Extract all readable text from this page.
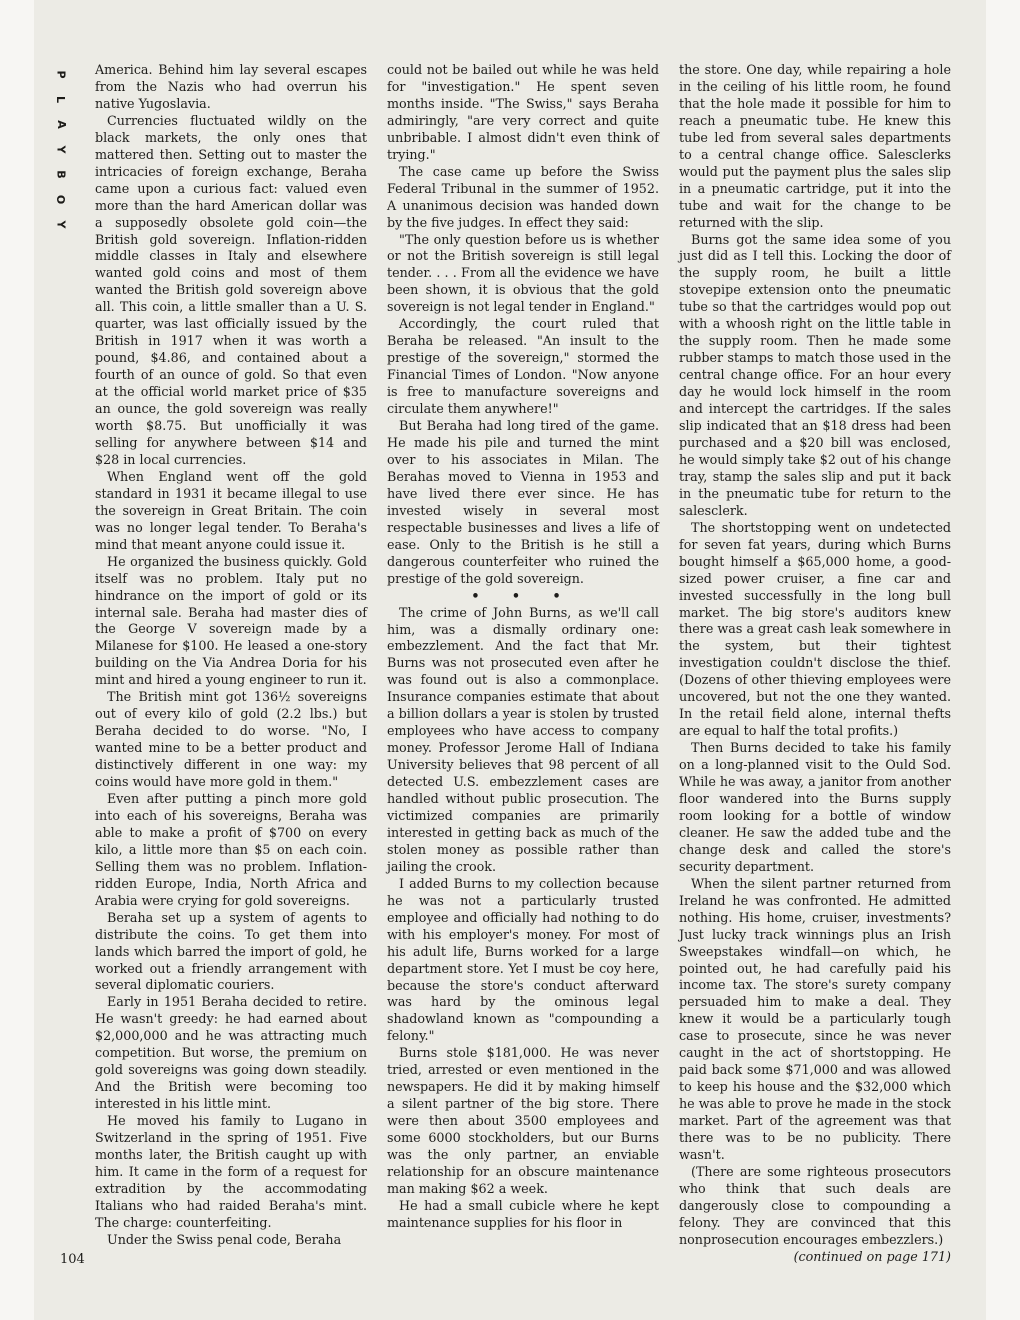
P
L
A
Y
B
O
Y

America. Behind him lay several escapes from the Nazis who had overrun his native Yugoslavia.

Currencies fluctuated wildly on the black markets, the only ones that mattered then. Setting out to master the intricacies of foreign exchange, Beraha came upon a curious fact: valued even more than the hard American dollar was a supposedly obsolete gold coin—the British gold sovereign. Inflation-ridden middle classes in Italy and elsewhere wanted gold coins and most of them wanted the British gold sovereign above all. This coin, a little smaller than a U. S. quarter, was last officially issued by the British in 1917 when it was worth a pound, $4.86, and contained about a fourth of an ounce of gold. So that even at the official world market price of $35 an ounce, the gold sovereign was really worth $8.75. But unofficially it was selling for anywhere between $14 and $28 in local currencies.

When England went off the gold standard in 1931 it became illegal to use the sovereign in Great Britain. The coin was no longer legal tender. To Beraha's mind that meant anyone could issue it.

He organized the business quickly. Gold itself was no problem. Italy put no hindrance on the import of gold or its internal sale. Beraha had master dies of the George V sovereign made by a Milanese for $100. He leased a one-story building on the Via Andrea Doria for his mint and hired a young engineer to run it.

The British mint got 136½ sovereigns out of every kilo of gold (2.2 lbs.) but Beraha decided to do worse. "No, I wanted mine to be a better product and distinctively different in one way: my coins would have more gold in them."

Even after putting a pinch more gold into each of his sovereigns, Beraha was able to make a profit of $700 on every kilo, a little more than $5 on each coin. Selling them was no problem. Inflation-ridden Europe, India, North Africa and Arabia were crying for gold sovereigns.

Beraha set up a system of agents to distribute the coins. To get them into lands which barred the import of gold, he worked out a friendly arrangement with several diplomatic couriers.

Early in 1951 Beraha decided to retire. He wasn't greedy: he had earned about $2,000,000 and he was attracting much competition. But worse, the premium on gold sovereigns was going down steadily. And the British were becoming too interested in his little mint.

He moved his family to Lugano in Switzerland in the spring of 1951. Five months later, the British caught up with him. It came in the form of a request for extradition by the accommodating Italians who had raided Beraha's mint. The charge: counterfeiting.

Under the Swiss penal code, Beraha

could not be bailed out while he was held for "investigation." He spent seven months inside. "The Swiss," says Beraha admiringly, "are very correct and quite unbribable. I almost didn't even think of trying."

The case came up before the Swiss Federal Tribunal in the summer of 1952. A unanimous decision was handed down by the five judges. In effect they said:

"The only question before us is whether or not the British sovereign is still legal tender. . . . From all the evidence we have been shown, it is obvious that the gold sovereign is not legal tender in England."

Accordingly, the court ruled that Beraha be released. "An insult to the prestige of the sovereign," stormed the Financial Times of London. "Now anyone is free to manufacture sovereigns and circulate them anywhere!"

But Beraha had long tired of the game. He made his pile and turned the mint over to his associates in Milan. The Berahas moved to Vienna in 1953 and have lived there ever since. He has invested wisely in several most respectable businesses and lives a life of ease. Only to the British is he still a dangerous counterfeiter who ruined the prestige of the gold sovereign.

• • •

The crime of John Burns, as we'll call him, was a dismally ordinary one: embezzlement. And the fact that Mr. Burns was not prosecuted even after he was found out is also a commonplace. Insurance companies estimate that about a billion dollars a year is stolen by trusted employees who have access to company money. Professor Jerome Hall of Indiana University believes that 98 percent of all detected U.S. embezzlement cases are handled without public prosecution. The victimized companies are primarily interested in getting back as much of the stolen money as possible rather than jailing the crook.

I added Burns to my collection because he was not a particularly trusted employee and officially had nothing to do with his employer's money. For most of his adult life, Burns worked for a large department store. Yet I must be coy here, because the store's conduct afterward was hard by the ominous legal shadowland known as "compounding a felony."

Burns stole $181,000. He was never tried, arrested or even mentioned in the newspapers. He did it by making himself a silent partner of the big store. There were then about 3500 employees and some 6000 stockholders, but our Burns was the only partner, an enviable relationship for an obscure maintenance man making $62 a week.

He had a small cubicle where he kept maintenance supplies for his floor in

the store. One day, while repairing a hole in the ceiling of his little room, he found that the hole made it possible for him to reach a pneumatic tube. He knew this tube led from several sales departments to a central change office. Salesclerks would put the payment plus the sales slip in a pneumatic cartridge, put it into the tube and wait for the change to be returned with the slip.

Burns got the same idea some of you just did as I tell this. Locking the door of the supply room, he built a little stovepipe extension onto the pneumatic tube so that the cartridges would pop out with a whoosh right on the little table in the supply room. Then he made some rubber stamps to match those used in the central change office. For an hour every day he would lock himself in the room and intercept the cartridges. If the sales slip indicated that an $18 dress had been purchased and a $20 bill was enclosed, he would simply take $2 out of his change tray, stamp the sales slip and put it back in the pneumatic tube for return to the salesclerk.

The shortstopping went on undetected for seven fat years, during which Burns bought himself a $65,000 home, a good-sized power cruiser, a fine car and invested successfully in the long bull market. The big store's auditors knew there was a great cash leak somewhere in the system, but their tightest investigation couldn't disclose the thief. (Dozens of other thieving employees were uncovered, but not the one they wanted. In the retail field alone, internal thefts are equal to half the total profits.)

Then Burns decided to take his family on a long-planned visit to the Ould Sod. While he was away, a janitor from another floor wandered into the Burns supply room looking for a bottle of window cleaner. He saw the added tube and the change desk and called the store's security department.

When the silent partner returned from Ireland he was confronted. He admitted nothing. His home, cruiser, investments? Just lucky track winnings plus an Irish Sweepstakes windfall—on which, he pointed out, he had carefully paid his income tax. The store's surety company persuaded him to make a deal. They knew it would be a particularly tough case to prosecute, since he was never caught in the act of shortstopping. He paid back some $71,000 and was allowed to keep his house and the $32,000 which he was able to prove he made in the stock market. Part of the agreement was that there was to be no publicity. There wasn't.

(There are some righteous prosecutors who think that such deals are dangerously close to compounding a felony. They are convinced that this nonprosecution encourages embezzlers.)

(continued on page 171)

104
